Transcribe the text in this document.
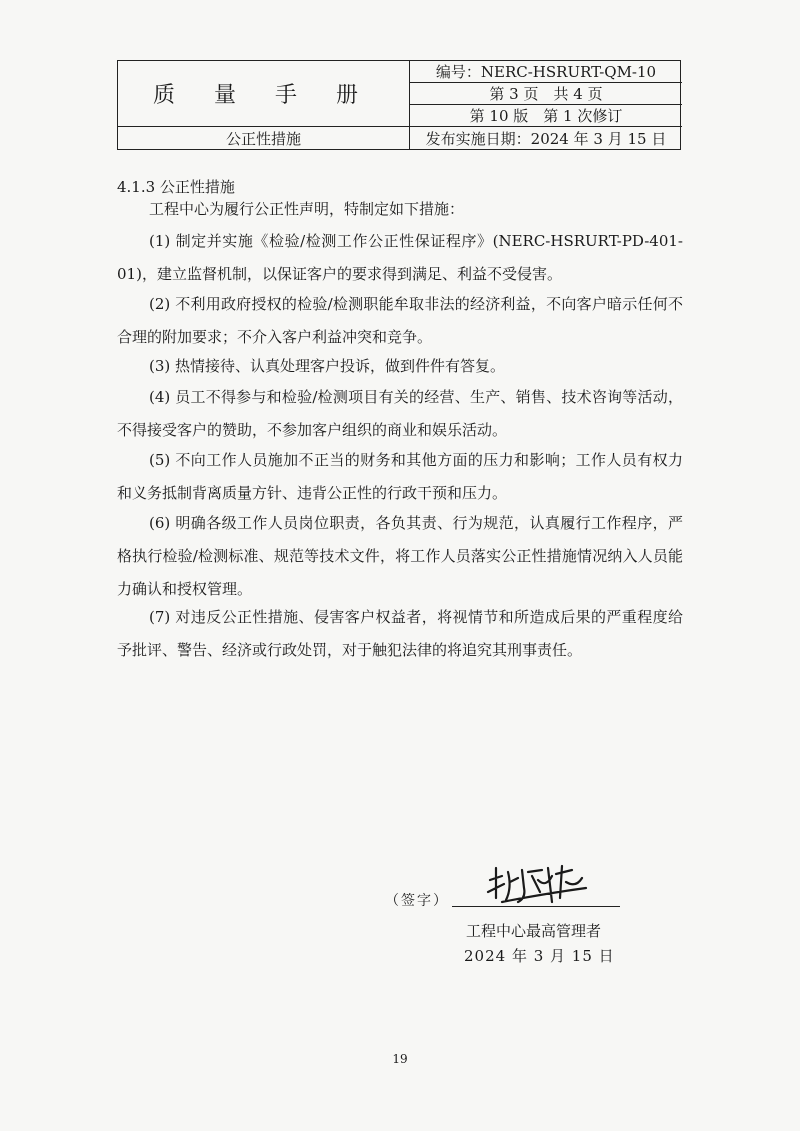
质 量 手 册
编号：NERC-HSRURT-QM-10
第 3 页　共 4 页
第 10 版　第 1 次修订
公正性措施	发布实施日期：2024 年 3 月 15 日
4.1.3 公正性措施

工程中心为履行公正性声明，特制定如下措施：

(1) 制定并实施《检验/检测工作公正性保证程序》(NERC-HSRURT-PD-401-01)，建立监督机制，以保证客户的要求得到满足、利益不受侵害。

(2) 不利用政府授权的检验/检测职能牟取非法的经济利益，不向客户暗示任何不合理的附加要求；不介入客户利益冲突和竞争。

(3) 热情接待、认真处理客户投诉，做到件件有答复。

(4) 员工不得参与和检验/检测项目有关的经营、生产、销售、技术咨询等活动，不得接受客户的赞助，不参加客户组织的商业和娱乐活动。

(5) 不向工作人员施加不正当的财务和其他方面的压力和影响；工作人员有权力和义务抵制背离质量方针、违背公正性的行政干预和压力。

(6) 明确各级工作人员岗位职责，各负其责、行为规范，认真履行工作程序，严格执行检验/检测标准、规范等技术文件，将工作人员落实公正性措施情况纳入人员能力确认和授权管理。

(7) 对违反公正性措施、侵害客户权益者，将视情节和所造成后果的严重程度给予批评、警告、经济或行政处罚，对于触犯法律的将追究其刑事责任。

（签字）
工程中心最高管理者
2024 年 3 月 15 日
19
